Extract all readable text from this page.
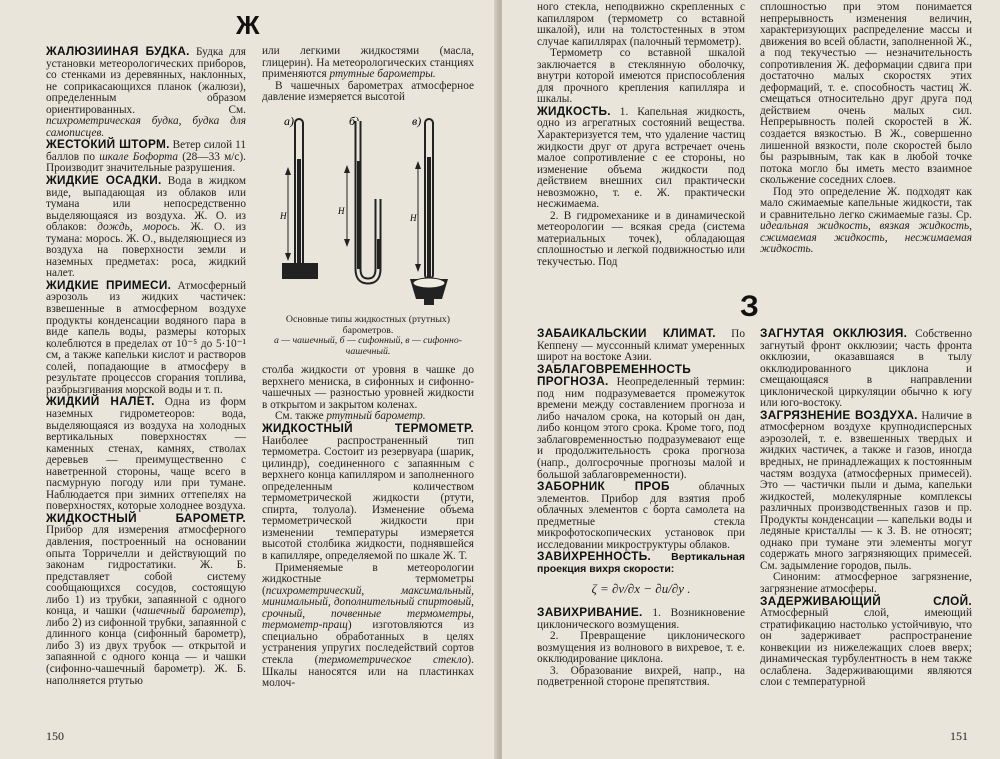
Ж

ЖАЛЮЗИЙНАЯ БУДКА. Будка для установки метеорологических приборов, со стенками из деревянных, наклонных, не соприкасающихся планок (жалюзи), определенным образом ориентированных. См. психрометрическая будка, будка для самописцев.

ЖЕСТОКИЙ ШТОРМ. Ветер силой 11 баллов по шкале Бофорта (28—33 м/с). Производит значительные разрушения.

ЖИДКИЕ ОСАДКИ. Вода в жидком виде, выпадающая из облаков или тумана или непосредственно выделяющаяся из воздуха. Ж. О. из облаков: дождь, морось. Ж. О. из тумана: морось. Ж. О., выделяющиеся из воздуха на поверхности земли и наземных предметах: роса, жидкий налет.

ЖИДКИЕ ПРИМЕСИ. Атмосферный аэрозоль из жидких частичек: взвешенные в атмосферном воздухе продукты конденсации водяного пара в виде капель воды, размеры которых колеблются в пределах от 10⁻⁵ до 5·10⁻¹ см, а также капельки кислот и растворов солей, попадающие в атмосферу в результате процессов сгорания топлива, разбрызгивания морской воды и т. п.

ЖИДКИЙ НАЛЕТ. Одна из форм наземных гидрометеоров: вода, выделяющаяся из воздуха на холодных вертикальных поверхностях — каменных стенах, камнях, стволах деревьев — преимущественно с наветренной стороны, чаще всего в пасмурную погоду или при тумане. Наблюдается при зимних оттепелях на поверхностях, которые холоднее воздуха.

ЖИДКОСТНЫЙ БАРОМЕТР. Прибор для измерения атмосферного давления, построенный на основании опыта Торричелли и действующий по законам гидростатики. Ж. Б. представляет собой систему сообщающихся сосудов, состоящую либо 1) из трубки, запаянной с одного конца, и чашки (чашечный барометр), либо 2) из сифонной трубки, запаянной с длинного конца (сифонный барометр), либо 3) из двух трубок — открытой и запаянной с одного конца — и чашки (сифонно-чашечный барометр). Ж. Б. наполняется ртутью

или легкими жидкостями (масла, глицерин). На метеорологических станциях применяются ртутные барометры.

В чашечных барометрах атмосферное давление измеряется высотой

а)	б)	в)
H	H
H
Основные типы жидкостных (ртутных) барометров.
а — чашечный, б — сифонный, в — сифонно-чашечный.

столба жидкости от уровня в чашке до верхнего мениска, в сифонных и сифонно-чашечных — разностью уровней жидкости в открытом и закрытом коленах.

См. также ртутный барометр.

ЖИДКОСТНЫЙ ТЕРМОМЕТР. Наиболее распространенный тип термометра. Состоит из резервуара (шарик, цилиндр), соединенного с запаянным с верхнего конца капилляром и заполненного определенным количеством термометрической жидкости (ртути, спирта, толуола). Изменение объема термометрической жидкости при изменении температуры измеряется высотой столбика жидкости, поднявшейся в капилляре, определяемой по шкале Ж. Т.

Применяемые в метеорологии жидкостные термометры (психрометрический, максимальный, минимальный, дополнительный спиртовый, срочный, почвенные термометры, термометр-пращ) изготовляются из специально обработанных в целях устранения упругих последействий сортов стекла (термометрическое стекло). Шкалы наносятся или на пластинках молоч-

150

ного стекла, неподвижно скрепленных с капилляром (термометр со вставной шкалой), или на толстостенных в этом случае капиллярах (палочный термометр).

Термометр со вставной шкалой заключается в стеклянную оболочку, внутри которой имеются приспособления для прочного крепления капилляра и шкалы.

ЖИДКОСТЬ. 1. Капельная жидкость, одно из агрегатных состояний вещества. Характеризуется тем, что удаление частиц жидкости друг от друга встречает очень малое сопротивление с ее стороны, но изменение объема жидкости под действием внешних сил практически невозможно, т. е. Ж. практически несжимаема.

2. В гидромеханике и в динамической метеорологии — всякая среда (система материальных точек), обладающая сплошностью и легкой подвижностью или текучестью. Под

сплошностью при этом понимается непрерывность изменения величин, характеризующих распределение массы и движения во всей области, заполненной Ж., а под текучестью — незначительность сопротивления Ж. деформации сдвига при достаточно малых скоростях этих деформаций, т. е. способность частиц Ж. смещаться относительно друг друга под действием очень малых сил. Непрерывность полей скоростей в Ж. создается вязкостью. В Ж., совершенно лишенной вязкости, поле скоростей было бы разрывным, так как в любой точке потока могло бы иметь место взаимное скольжение соседних слоев.

Под это определение Ж. подходят как мало сжимаемые капельные жидкости, так и сравнительно легко сжимаемые газы. Ср. идеальная жидкость, вязкая жидкость, сжимаемая жидкость, несжимаемая жидкость.

З

ЗАБАЙКАЛЬСКИЙ КЛИМАТ. По Кеппену — муссонный климат умеренных широт на востоке Азии.

ЗАБЛАГОВРЕМЕННОСТЬ ПРОГНОЗА. Неопределенный термин: под ним подразумевается промежуток времени между составлением прогноза и либо началом срока, на который он дан, либо концом этого срока. Кроме того, под заблаговременностью подразумевают еще и продолжительность срока прогноза (напр., долгосрочные прогнозы малой и большой заблаговременности).

ЗАБОРНИК ПРОБ облачных элементов. Прибор для взятия проб облачных элементов с борта самолета на предметные стекла микрофотоскопических установок при исследовании микроструктуры облаков.

ЗАВИХРЕННОСТЬ. Вертикальная проекция вихря скорости:

ζ = ∂v/∂x − ∂u/∂y .

ЗАВИХРИВАНИЕ. 1. Возникновение циклонического возмущения.

2. Превращение циклонического возмущения из волнового в вихревое, т. е. окклюдирование циклона.

3. Образование вихрей, напр., на подветренной стороне препятствия.

ЗАГНУТАЯ ОККЛЮЗИЯ. Собственно загнутый фронт окклюзии; часть фронта окклюзии, оказавшаяся в тылу окклюдированного циклона и смещающаяся в направлении циклонической циркуляции обычно к югу или юго-востоку.

ЗАГРЯЗНЕНИЕ ВОЗДУХА. Наличие в атмосферном воздухе крупнодисперсных аэрозолей, т. е. взвешенных твердых и жидких частичек, а также и газов, иногда вредных, не принадлежащих к постоянным частям воздуха (атмосферных примесей). Это — частички пыли и дыма, капельки жидкостей, молекулярные комплексы различных производственных газов и пр. Продукты конденсации — капельки воды и ледяные кристаллы — к З. В. не относят; однако при тумане эти элементы могут содержать много загрязняющих примесей. См. задымление городов, пыль.

Синоним: атмосферное загрязнение, загрязнение атмосферы.

ЗАДЕРЖИВАЮЩИЙ СЛОЙ. Атмосферный слой, имеющий стратификацию настолько устойчивую, что он задерживает распространение конвекции из нижележащих слоев вверх; динамическая турбулентность в нем также ослаблена. Задерживающими являются слои с температурной

151
